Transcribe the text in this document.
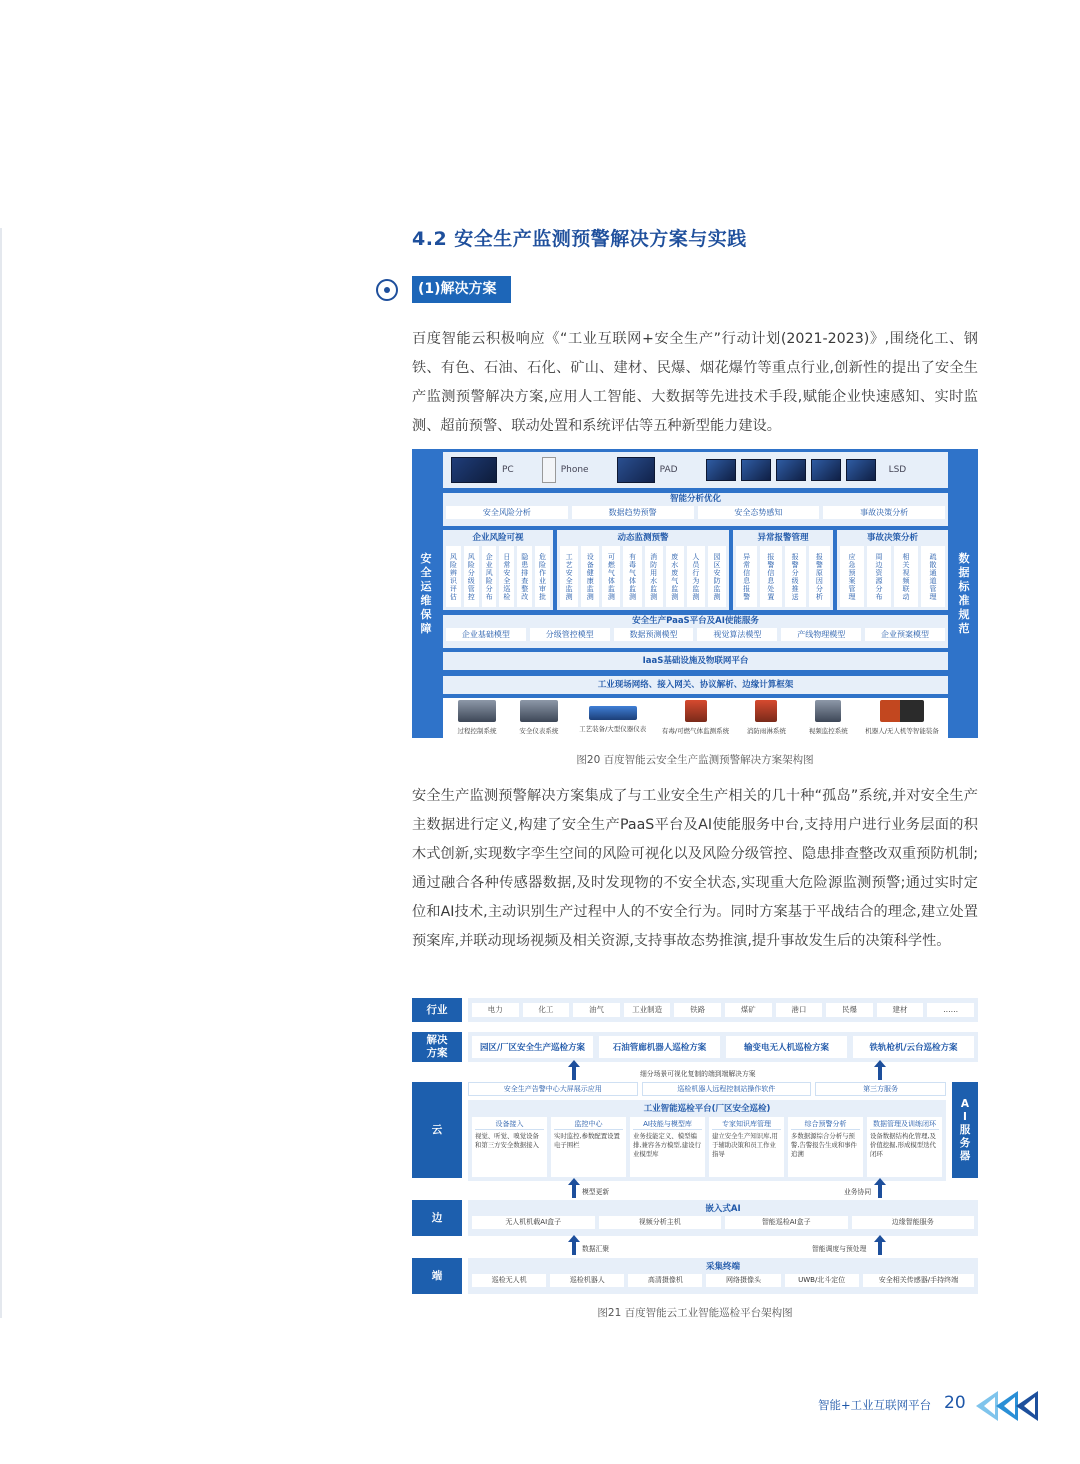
4.2 安全生产监测预警解决方案与实践
(1)解决方案

百度智能云积极响应《“工业互联网+安全生产”行动计划(2021-2023)》,围绕化工、钢铁、有色、石油、石化、矿山、建材、民爆、烟花爆竹等重点行业,创新性的提出了安全生产监测预警解决方案,应用人工智能、大数据等先进技术手段,赋能企业快速感知、实时监测、超前预警、联动处置和系统评估等五种新型能力建设。

安全运维保障
数据标准规范
PC	Phone	PAD	LSD
智能分析优化
安全风险分析	数据趋势预警	安全态势感知	事故决策分析
企业风险可视
风险辨识评估
风险分级管控
企业风险分布
日常安全巡检
隐患排查整改
危险作业审批
动态监测预警
工艺安全监测
设备健康监测
可燃气体监测
有毒气体监测
消防用水监测
废水废气监测
人员行为监测
园区安防监测
异常报警管理
异常信息报警
报警信息处置
报警分级推送
报警原因分析
事故决策分析
应急预案管理
周边资源分布
相关视频联动
疏散通道管理
安全生产PaaS平台及AI使能服务
企业基础模型	分级管控模型	数据预测模型	视觉算法模型	产线物理模型	企业预案模型
IaaS基础设施及物联网平台
工业现场网络、接入网关、协议解析、边缘计算框架
过程控制系统	安全仪表系统	工艺装备/大型仪器仪表 有毒/可燃气体监测系统	消防雨淋系统	视频监控系统	机器人/无人机等智能装备
图20 百度智能云安全生产监测预警解决方案架构图

安全生产监测预警解决方案集成了与工业安全生产相关的几十种“孤岛”系统,并对安全生产主数据进行定义,构建了安全生产PaaS平台及AI使能服务中台,支持用户进行业务层面的积木式创新,实现数字孪生空间的风险可视化以及风险分级管控、隐患排查整改双重预防机制;通过融合各种传感器数据,及时发现物的不安全状态,实现重大危险源监测预警;通过实时定位和AI技术,主动识别生产过程中人的不安全行为。同时方案基于平战结合的理念,建立处置预案库,并联动现场视频及相关资源,支持事故态势推演,提升事故发生后的决策科学性。

行业	电力	化工	油气	工业制造	铁路	煤矿	港口	民爆	建材	……
解决方案	园区/厂区安全生产巡检方案	石油管廊机器人巡检方案	输变电无人机巡检方案	铁轨枪机/云台巡检方案
细分场景可视化复制的端到端解决方案
云
安全生产告警中心大屏展示应用	巡检机器人远程控制站操作软件	第三方服务
工业智能巡检平台(厂区安全巡检)
设备接入
视觉、听觉、嗅觉设备和第三方安全数据接入
监控中心
实时监控,参数配置设置电子围栏
AI技能与模型库
业务技能定义、模型编排,兼容各方模型,建设行业模型库
专家知识库管理
建立安全生产知识库,用于辅助决策和员工作业指导
综合预警分析
多数据源综合分析与预警,告警报告生成和事件追溯
数据管理及训练闭环
设备数据结构化管理,及价值挖掘,形成模型迭代闭环
AI服务器
模型更新	业务协同
边
嵌入式AI
无人机机载AI盒子	视频分析主机	智能巡检AI盒子	边缘智能服务
数据汇聚	智能调度与预处理
端
采集终端
巡检无人机	巡检机器人	高清摄像机	网络摄像头	UWB/北斗定位	安全相关传感器/手持终端
图21 百度智能云工业智能巡检平台架构图
智能+工业互联网平台 20
